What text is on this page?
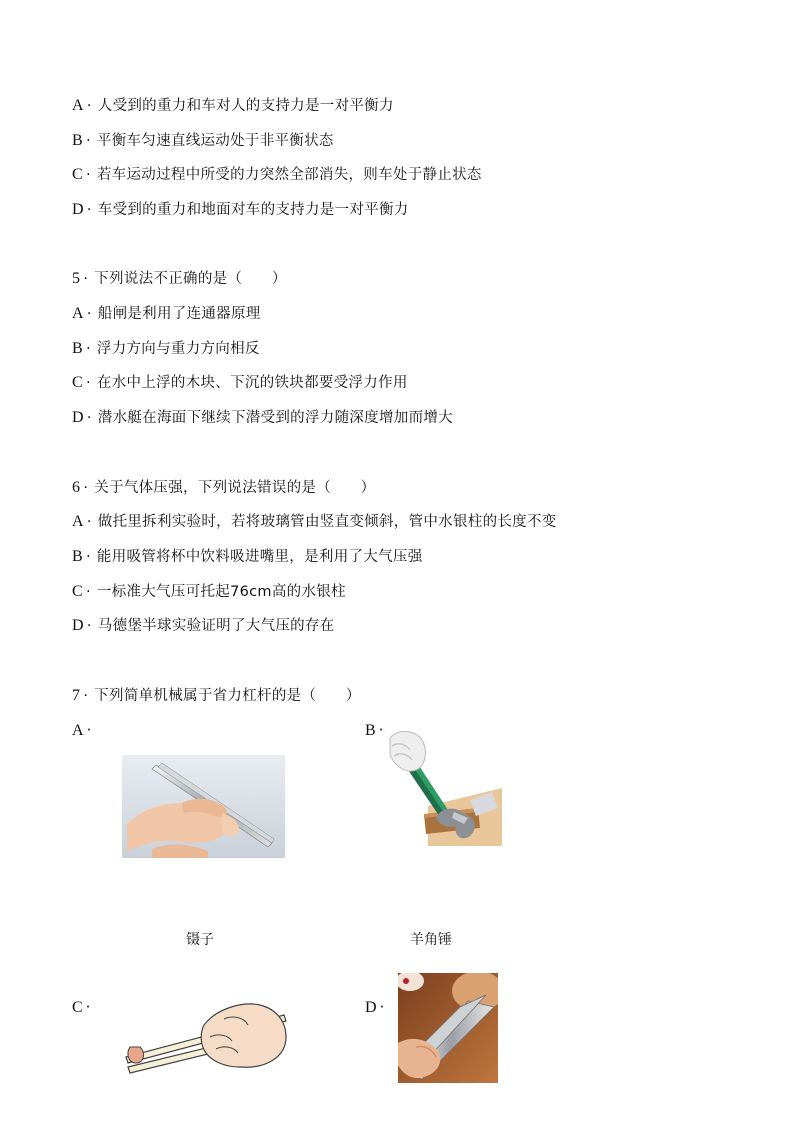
A · 人受到的重力和车对人的支持力是一对平衡力
B · 平衡车匀速直线运动处于非平衡状态
C · 若车运动过程中所受的力突然全部消失，则车处于静止状态
D · 车受到的重力和地面对车的支持力是一对平衡力
5 · 下列说法不正确的是（　　）
A · 船闸是利用了连通器原理
B · 浮力方向与重力方向相反
C · 在水中上浮的木块、下沉的铁块都要受浮力作用
D · 潜水艇在海面下继续下潜受到的浮力随深度增加而增大
6 · 关于气体压强，下列说法错误的是（　　）
A · 做托里拆利实验时，若将玻璃管由竖直变倾斜，管中水银柱的长度不变
B · 能用吸管将杯中饮料吸进嘴里，是利用了大气压强
C · 一标准大气压可托起76cm高的水银柱
D · 马德堡半球实验证明了大气压的存在
7 · 下列简单机械属于省力杠杆的是（　　）
A ·
镊子
B ·
羊角锤
C ·	D ·
